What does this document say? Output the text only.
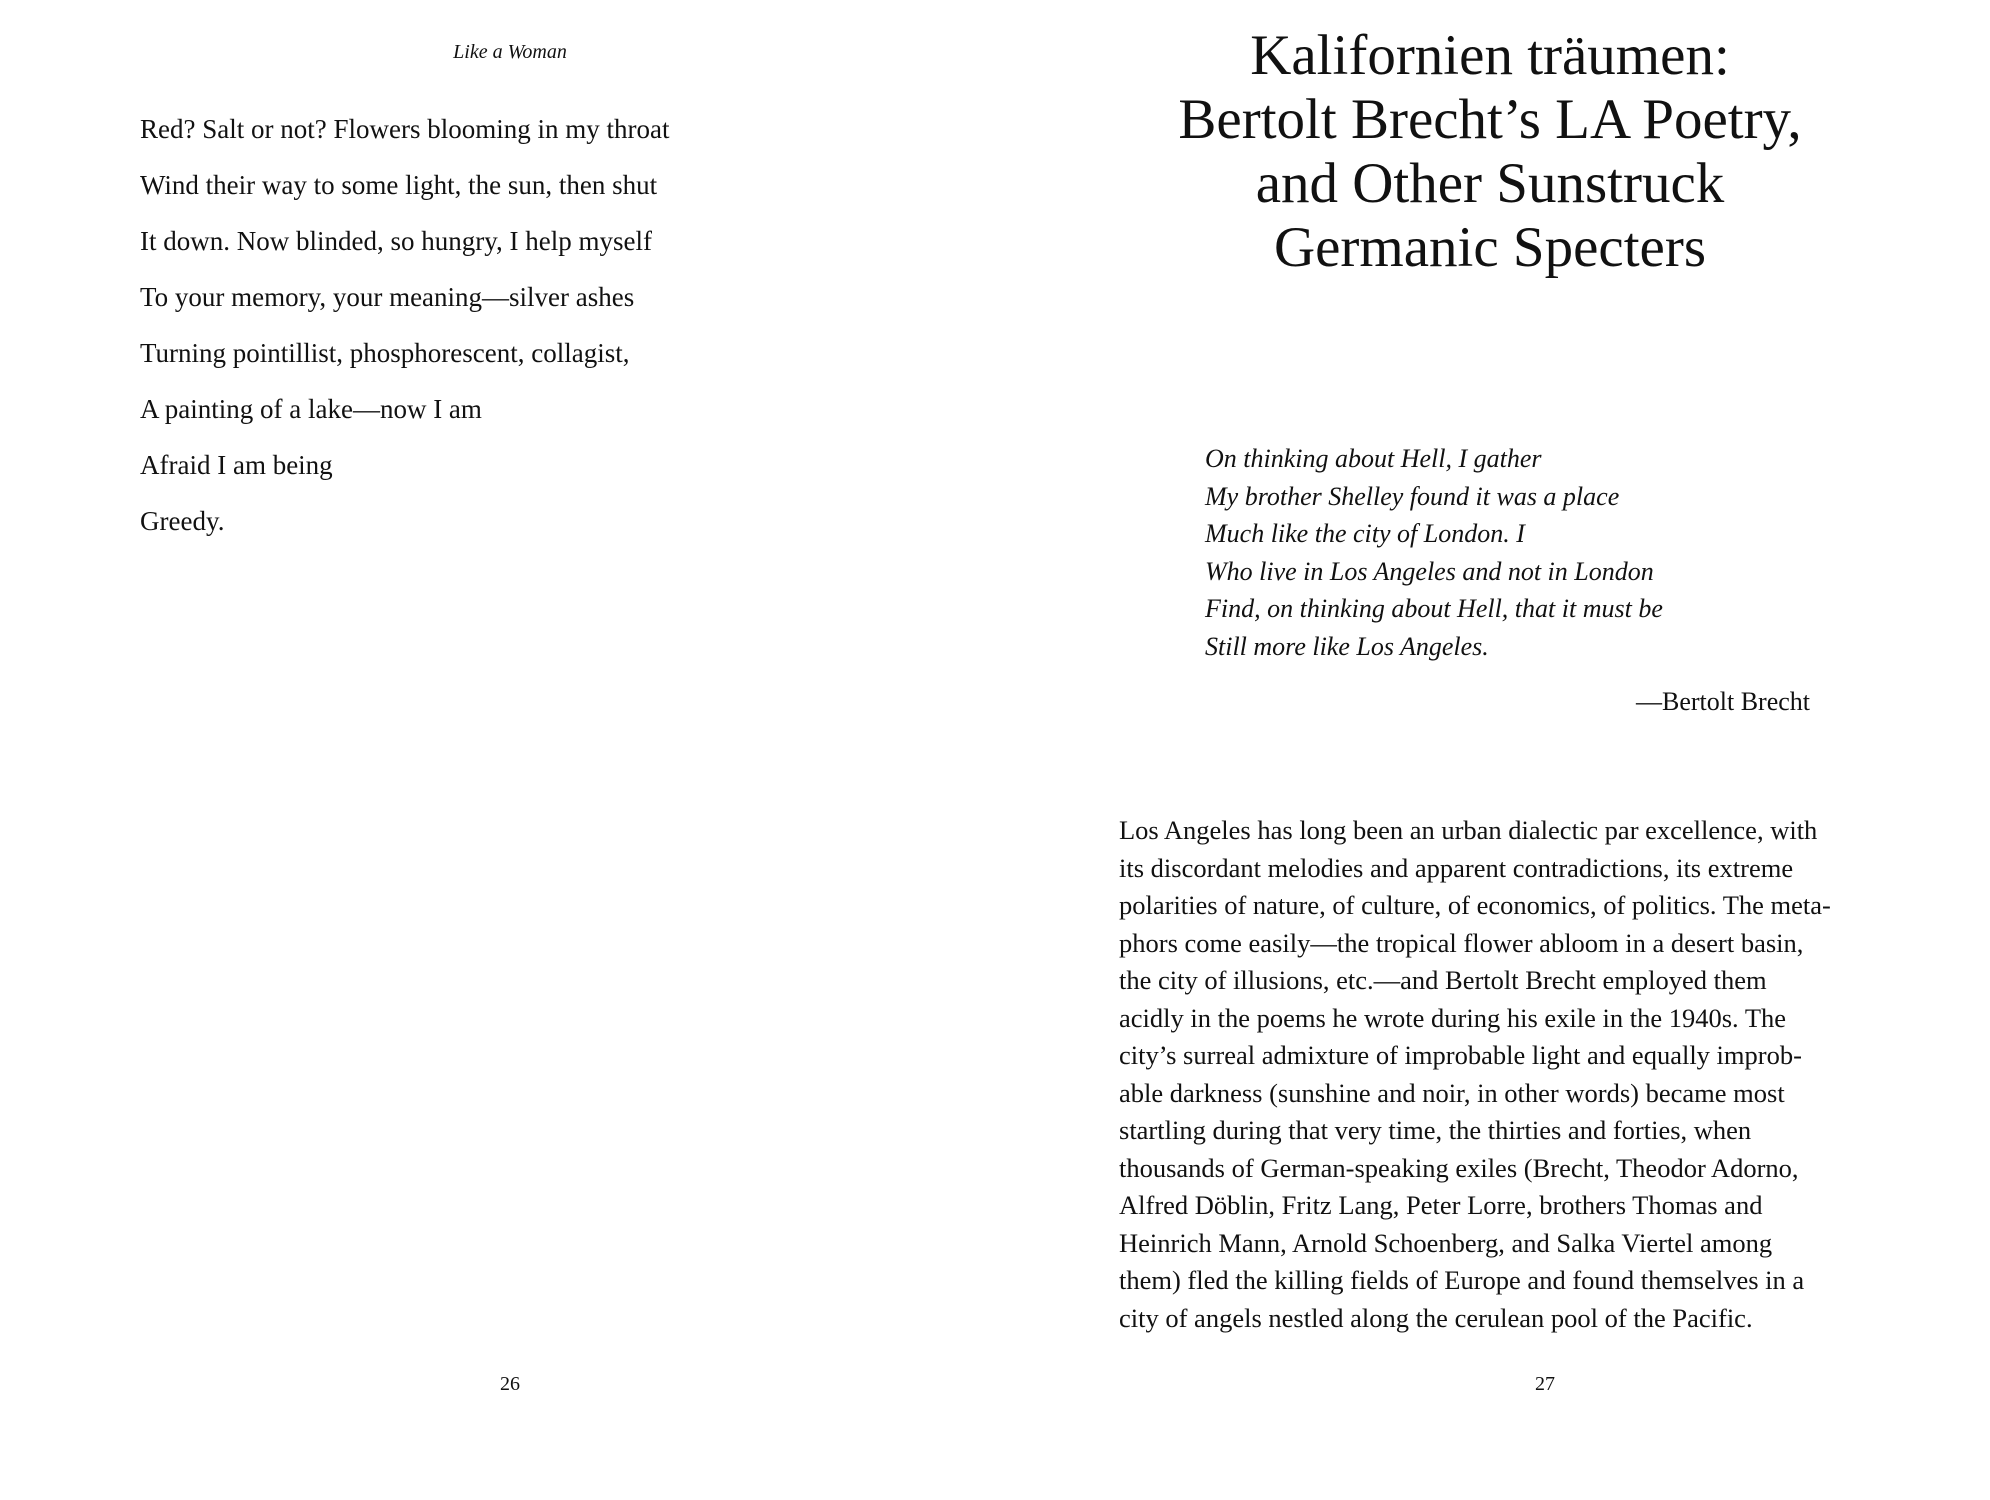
Like a Woman
Red? Salt or not? Flowers blooming in my throat
Wind their way to some light, the sun, then shut
It down. Now blinded, so hungry, I help myself
To your memory, your meaning—silver ashes
Turning pointillist, phosphorescent, collagist,
A painting of a lake—now I am
Afraid I am being
Greedy.
26
Kalifornien träumen:
Bertolt Brecht’s LA Poetry,
and Other Sunstruck
Germanic Specters
On thinking about Hell, I gather
My brother Shelley found it was a place
Much like the city of London. I
Who live in Los Angeles and not in London
Find, on thinking about Hell, that it must be
Still more like Los Angeles.
—Bertolt Brecht
Los Angeles has long been an urban dialectic par excellence, with
its discordant melodies and apparent contradictions, its extreme
polarities of nature, of culture, of economics, of politics. The meta-
phors come easily—the tropical flower abloom in a desert basin,
the city of illusions, etc.—and Bertolt Brecht employed them
acidly in the poems he wrote during his exile in the 1940s. The
city’s surreal admixture of improbable light and equally improb-
able darkness (sunshine and noir, in other words) became most
startling during that very time, the thirties and forties, when
thousands of German-speaking exiles (Brecht, Theodor Adorno,
Alfred Döblin, Fritz Lang, Peter Lorre, brothers Thomas and
Heinrich Mann, Arnold Schoenberg, and Salka Viertel among
them) fled the killing fields of Europe and found themselves in a
city of angels nestled along the cerulean pool of the Pacific.
27
